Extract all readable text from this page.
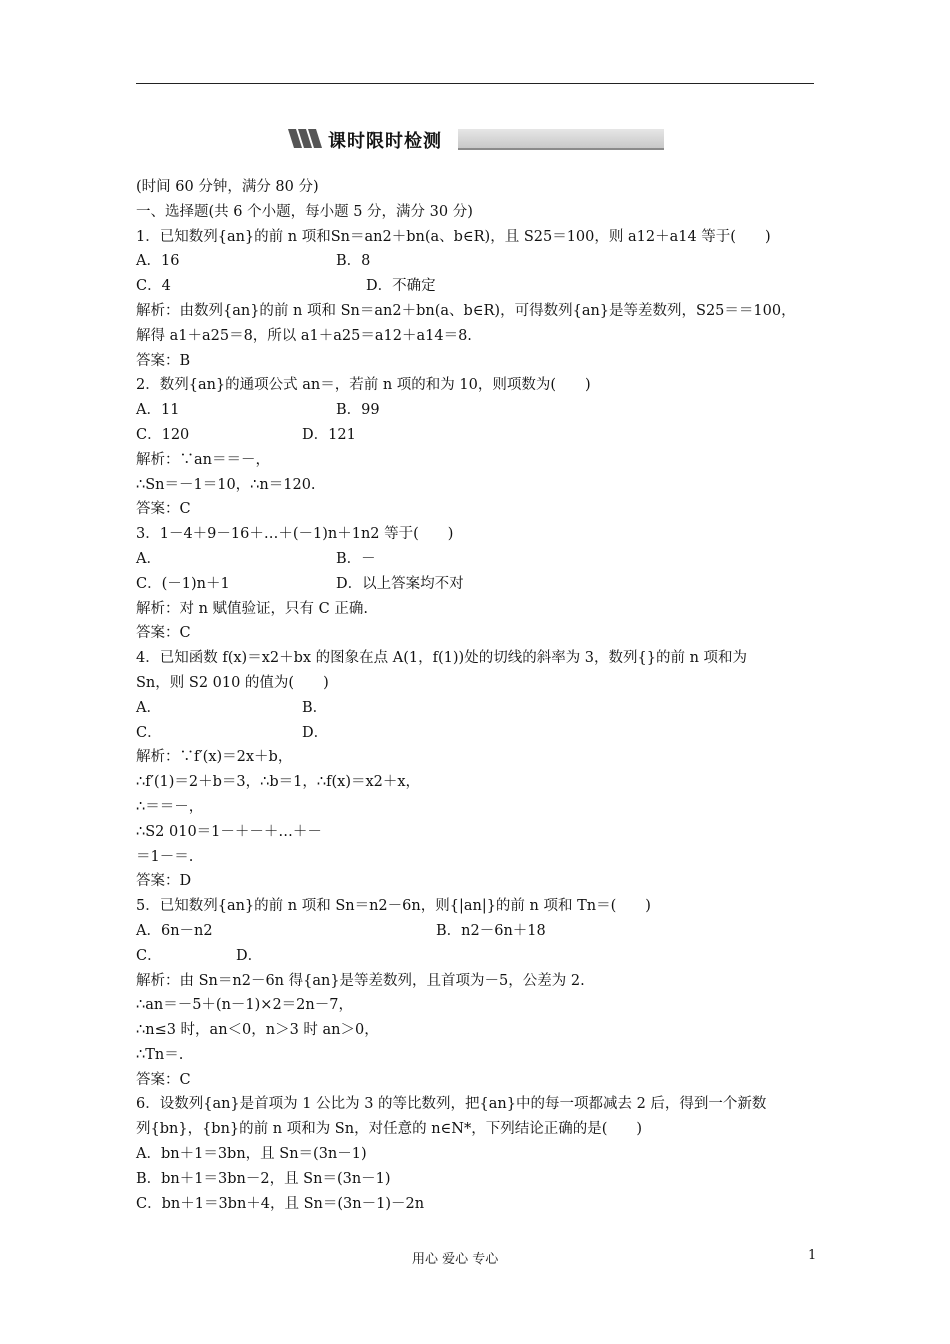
课时限时检测
(时间 60 分钟，满分 80 分)
一、选择题(共 6 个小题，每小题 5 分，满分 30 分)
1．已知数列{an}的前 n 项和Sn＝an2＋bn(a、b∈R)，且 S25＝100，则 a12＋a14 等于(　　)
A．16	B．8
C．4	D．不确定
解析：由数列{an}的前 n 项和 Sn＝an2＋bn(a、b∈R)，可得数列{an}是等差数列，S25＝＝100，
解得 a1＋a25＝8，所以 a1＋a25＝a12＋a14＝8.
答案：B
2．数列{an}的通项公式 an＝，若前 n 项的和为 10，则项数为(　　)
A．11	B．99
C．120	D．121
解析：∵an＝＝－，
∴Sn＝－1＝10，∴n＝120.
答案：C
3．1－4＋9－16＋…＋(－1)n＋1n2 等于(　　)
A．	B．－
C．(－1)n＋1	D．以上答案均不对
解析：对 n 赋值验证，只有 C 正确.
答案：C
4．已知函数 f(x)＝x2＋bx 的图象在点 A(1，f(1))处的切线的斜率为 3，数列{}的前 n 项和为
Sn，则 S2 010 的值为(　　)
A．	B．
C．	D．
解析：∵f′(x)＝2x＋b，
∴f′(1)＝2＋b＝3，∴b＝1，∴f(x)＝x2＋x，
∴＝＝－，
∴S2 010＝1－＋－＋…＋－
＝1－＝.
答案：D
5．已知数列{an}的前 n 项和 Sn＝n2－6n，则{|an|}的前 n 项和 Tn＝(　　)
A．6n－n2	B．n2－6n＋18
C．	D．
解析：由 Sn＝n2－6n 得{an}是等差数列，且首项为－5，公差为 2.
∴an＝－5＋(n－1)×2＝2n－7，
∴n≤3 时，an＜0，n＞3 时 an＞0，
∴Tn＝.
答案：C
6．设数列{an}是首项为 1 公比为 3 的等比数列，把{an}中的每一项都减去 2 后，得到一个新数
列{bn}，{bn}的前 n 项和为 Sn，对任意的 n∈N*，下列结论正确的是(　　)
A．bn＋1＝3bn，且 Sn＝(3n－1)
B．bn＋1＝3bn－2，且 Sn＝(3n－1)
C．bn＋1＝3bn＋4，且 Sn＝(3n－1)－2n
用心 爱心 专心	1
